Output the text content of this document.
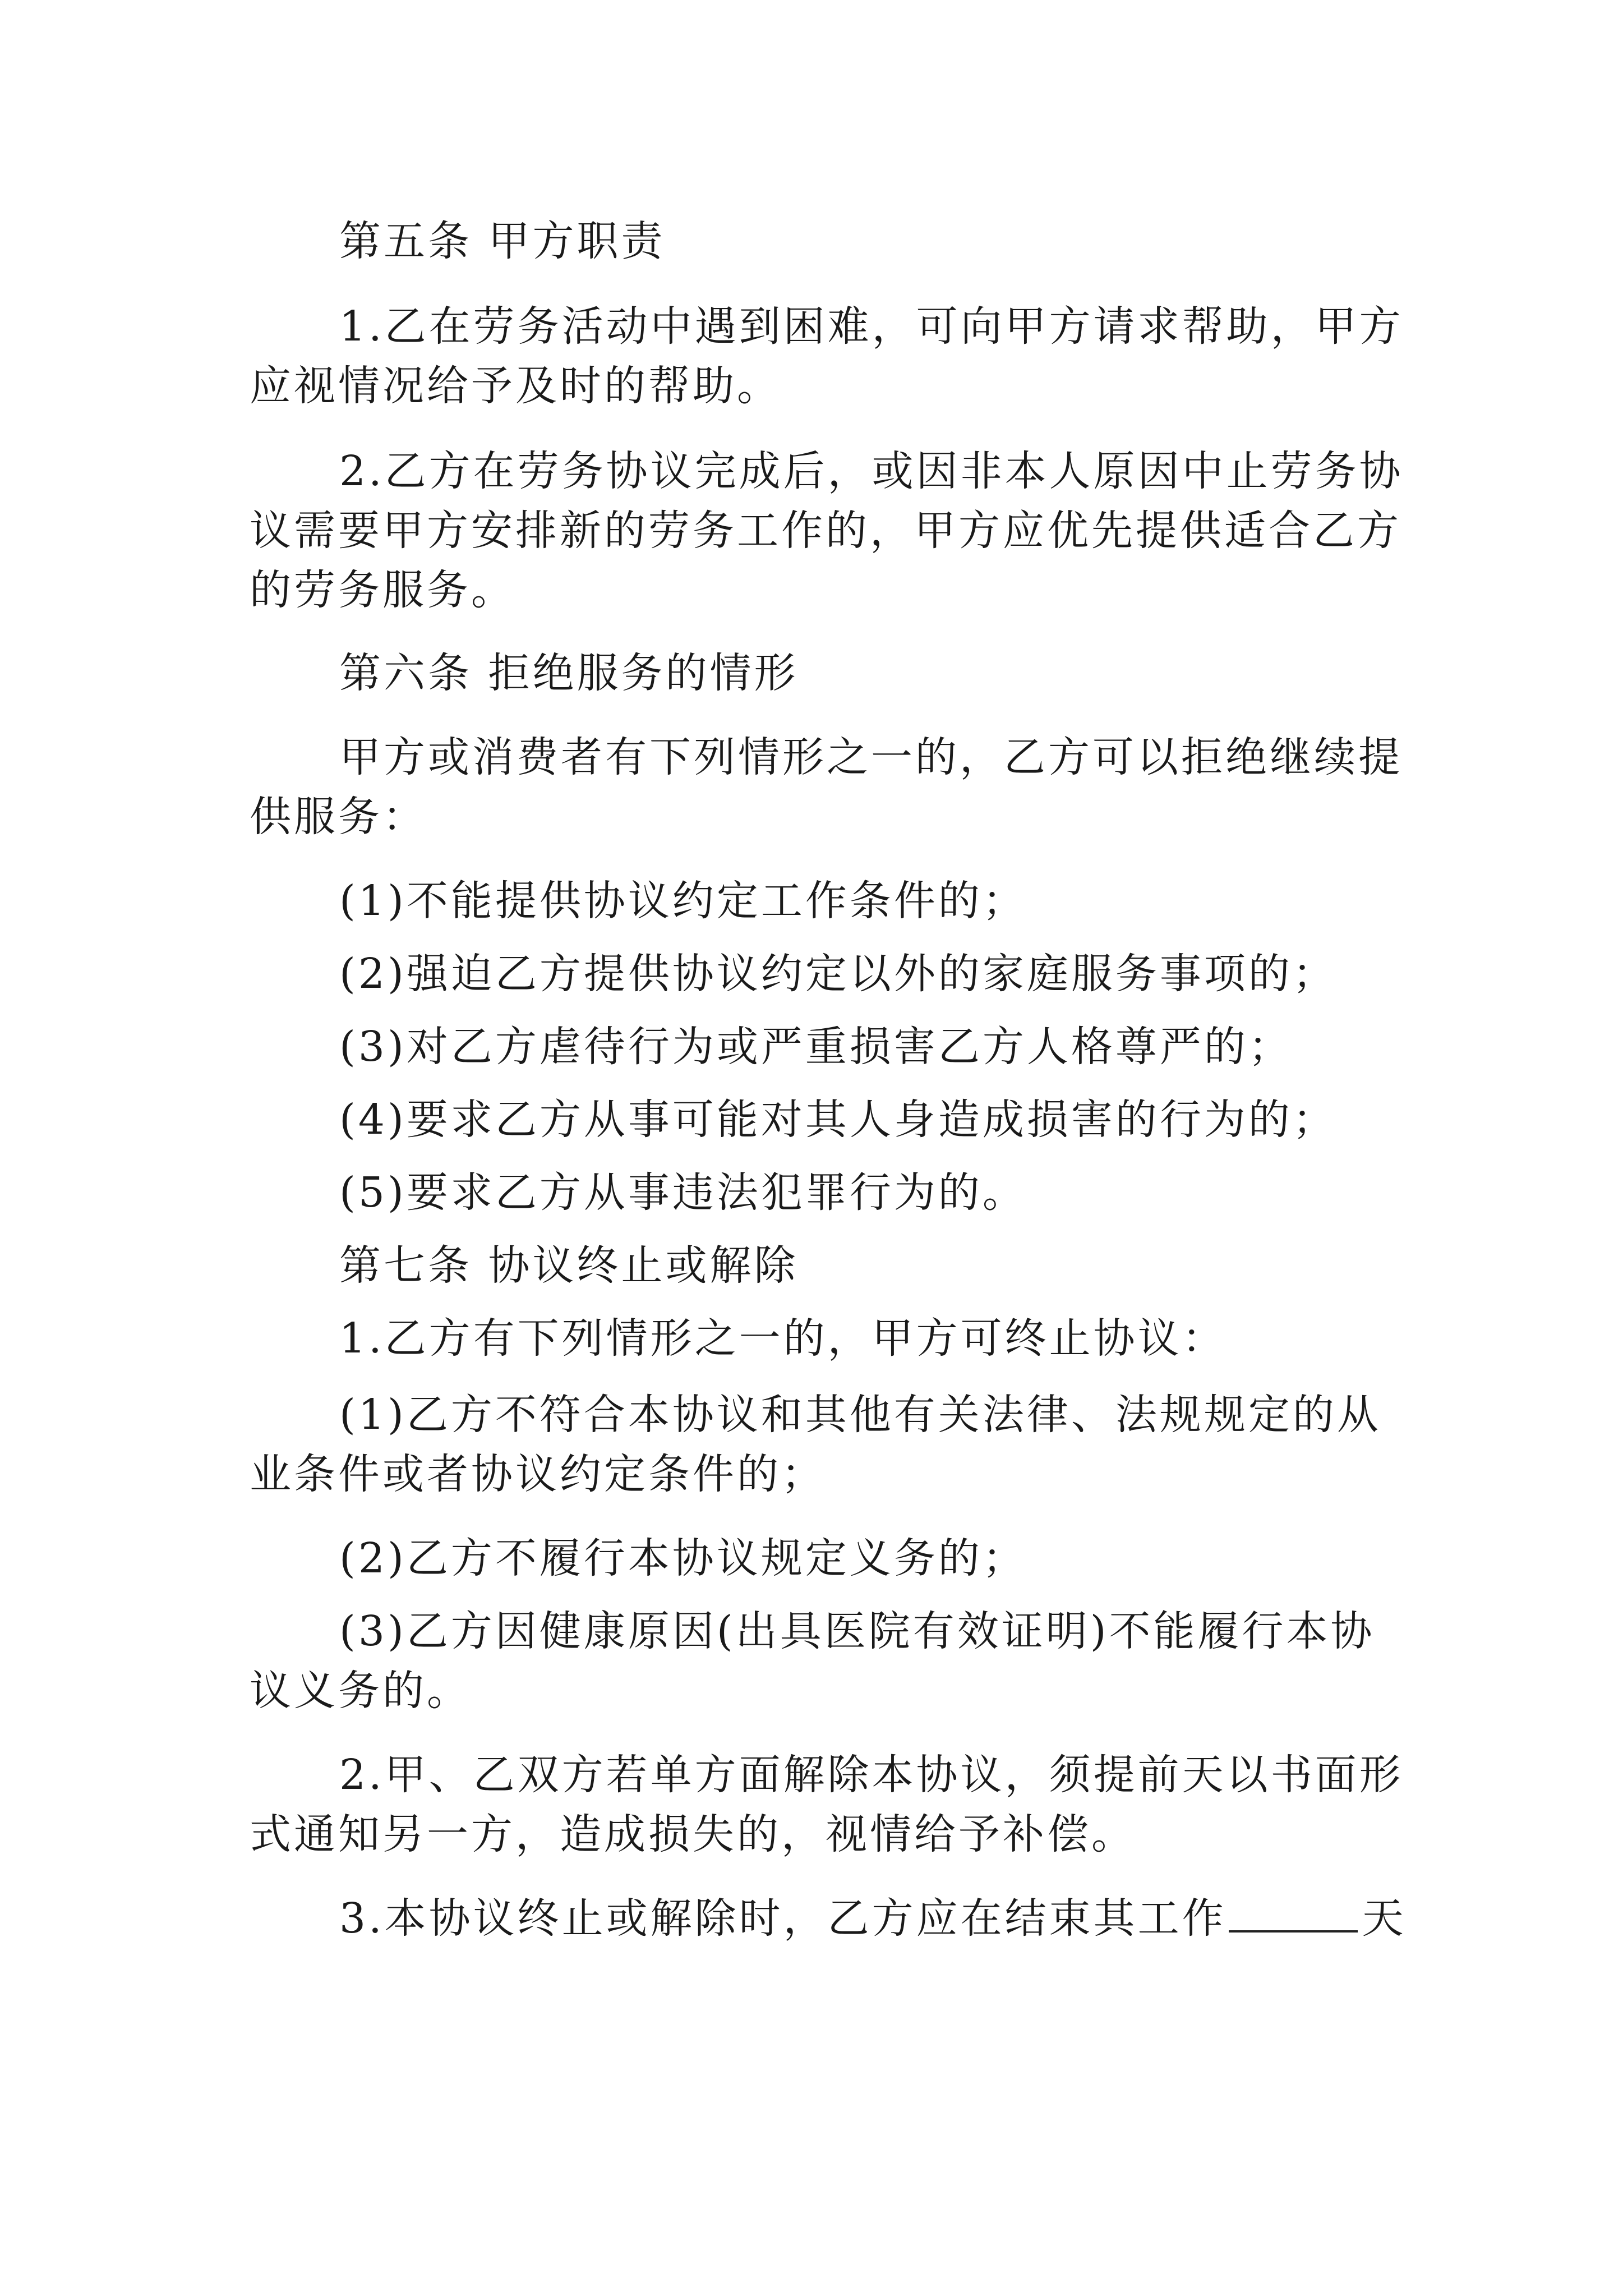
第五条 甲方职责
1.乙在劳务活动中遇到困难，可向甲方请求帮助，甲方
应视情况给予及时的帮助。
2.乙方在劳务协议完成后，或因非本人原因中止劳务协
议需要甲方安排新的劳务工作的，甲方应优先提供适合乙方
的劳务服务。
第六条 拒绝服务的情形
甲方或消费者有下列情形之一的，乙方可以拒绝继续提
供服务：
(1)不能提供协议约定工作条件的；
(2)强迫乙方提供协议约定以外的家庭服务事项的；
(3)对乙方虐待行为或严重损害乙方人格尊严的；
(4)要求乙方从事可能对其人身造成损害的行为的；
(5)要求乙方从事违法犯罪行为的。
第七条 协议终止或解除
1.乙方有下列情形之一的，甲方可终止协议：
(1)乙方不符合本协议和其他有关法律、法规规定的从
业条件或者协议约定条件的；
(2)乙方不履行本协议规定义务的；
(3)乙方因健康原因(出具医院有效证明)不能履行本协
议义务的。
2.甲、乙双方若单方面解除本协议，须提前天以书面形
式通知另一方，造成损失的，视情给予补偿。
3.本协议终止或解除时，乙方应在结束其工作	天
